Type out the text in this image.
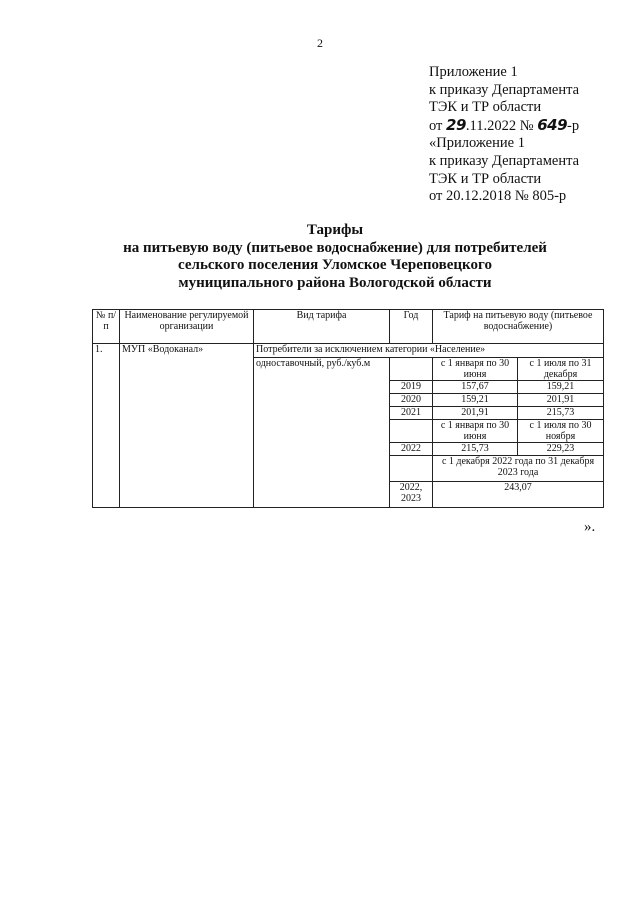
2
Приложение 1
к приказу Департамента
ТЭК и ТР области
от 29.11.2022 № 649-р
«Приложение 1
к приказу Департамента
ТЭК и ТР области
от 20.12.2018 № 805-р
Тарифы
на питьевую воду (питьевое водоснабжение) для потребителей
сельского поселения Уломское Череповецкого
муниципального района Вологодской области
№ п/п	Наименование регулируемой организации	Вид тарифа	Год	Тариф на питьевую воду (питьевое водоснабжение)	
1.	МУП «Водоканал»	Потребители за исключением категории «Население»			
		одноставочный, руб./куб.м		с 1 января по 30 июня	с 1 июля по 31 декабря
			2019	157,67	159,21
			2020	159,21	201,91
			2021	201,91	215,73
				с 1 января по 30 июня	с 1 июля по 30 ноября
			2022	215,73	229,23
				с 1 декабря 2022 года по 31 декабря 2023 года	
			2022, 2023	243,07	
».
